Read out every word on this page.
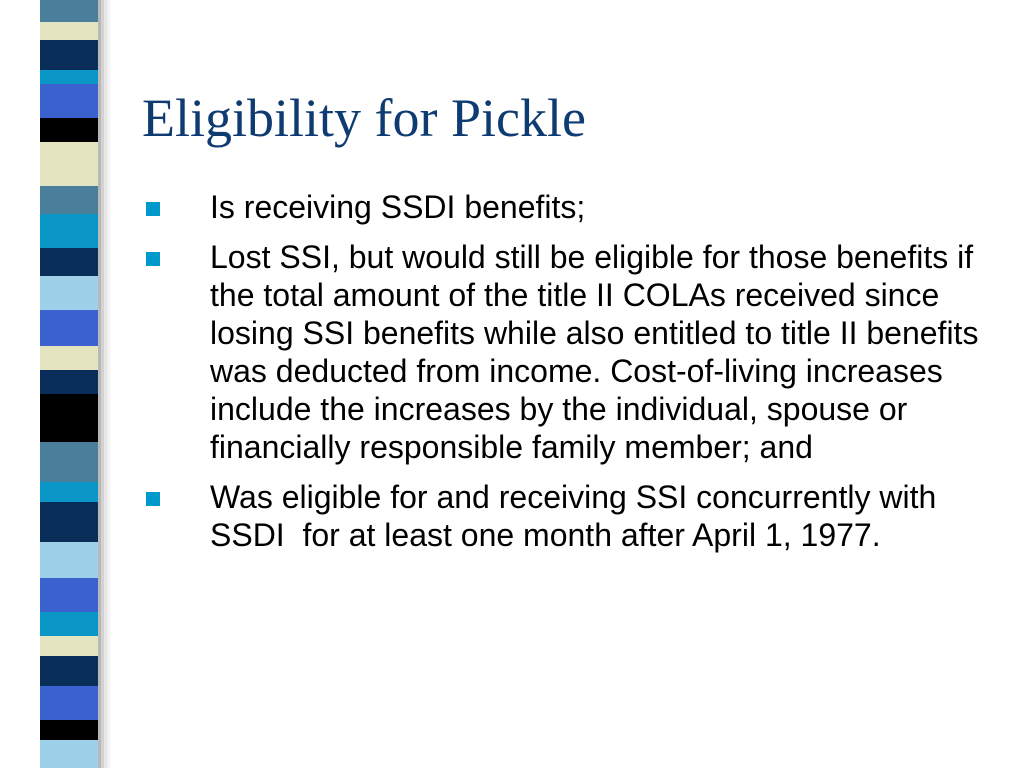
Eligibility for Pickle
Is receiving SSDI benefits;
Lost SSI, but would still be eligible for those benefits if the total amount of the title II COLAs received since losing SSI benefits while also entitled to title II benefits was deducted from income. Cost-of-living increases include the increases by the individual, spouse or financially responsible family member; and
Was eligible for and receiving SSI concurrently with SSDI  for at least one month after April 1, 1977.
